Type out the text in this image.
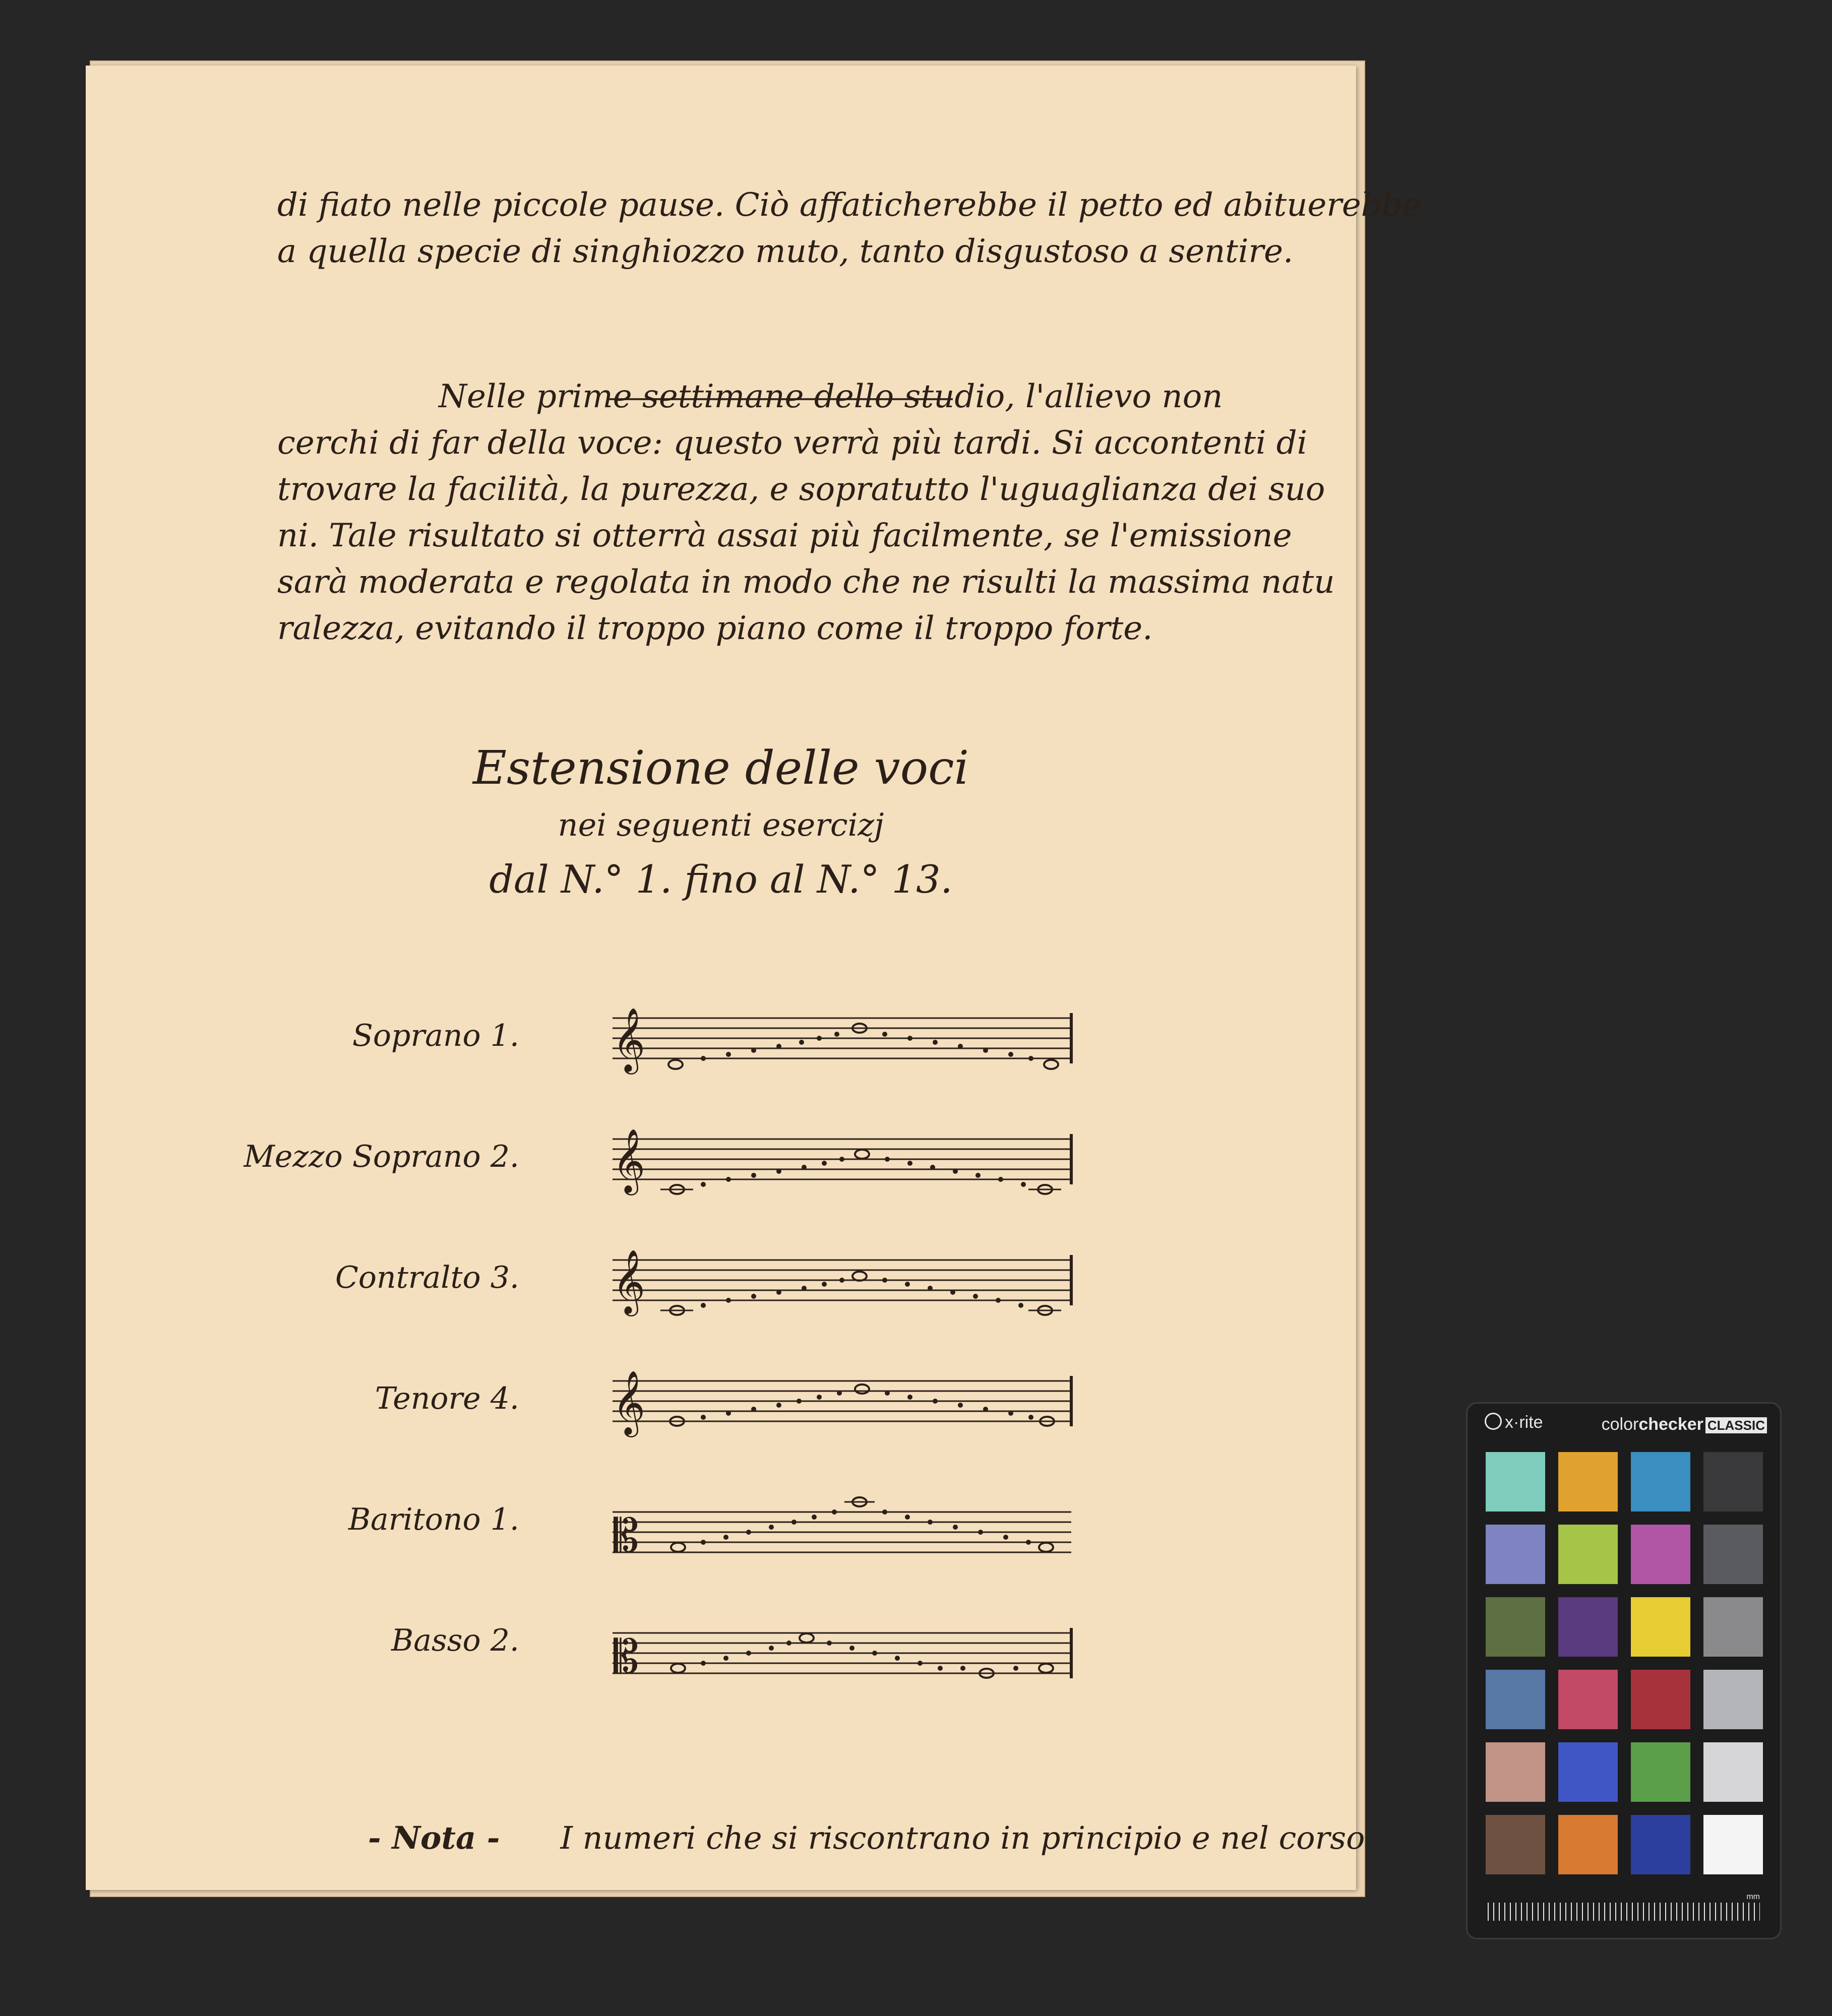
di fiato nelle piccole pause. Ciò affaticherebbe il petto ed abituerebbe
a quella specie di singhiozzo muto, tanto disgustoso a sentire.
Nelle prime settimane dello studio, l'allievo non
cerchi di far della voce: questo verrà più tardi. Si accontenti di
trovare la facilità, la purezza, e sopratutto l'uguaglianza dei suo
ni. Tale risultato si otterrà assai più facilmente, se l'emissione
sarà moderata e regolata in modo che ne risulti la massima natu
ralezza, evitando il troppo piano come il troppo forte.
Estensione delle voci
nei seguenti esercizj
dal N.° 1. fino al N.° 13.
Soprano 1.
Mezzo Soprano 2.
Contralto 3.
Tenore 4.
Baritono 1.
Basso 2.
𝄞
𝄞
𝄞
𝄞
𝄡
𝄡
- Nota - I numeri che si riscontrano in principio e nel corso
x·rite	colorchecker CLASSIC
mm
